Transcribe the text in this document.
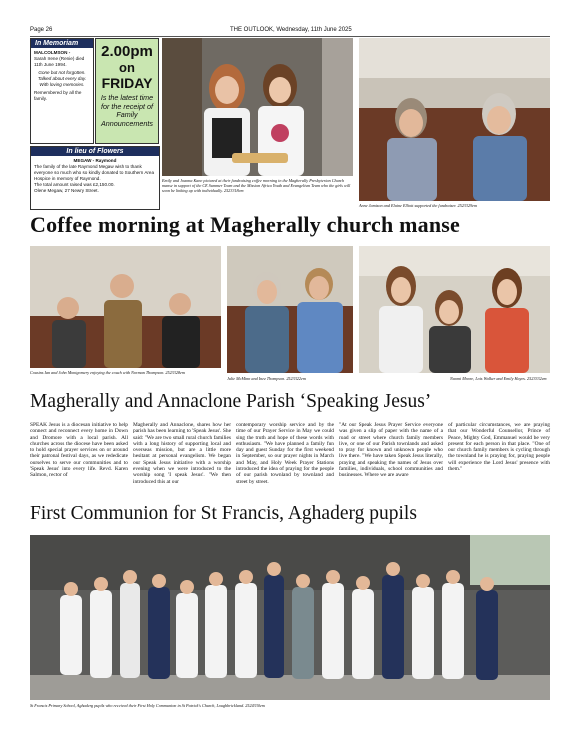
Page 26	THE OUTLOOK, Wednesday, 11th June 2025
In Memoriam
MALCOLMSON -
Sarah Irene (Renie) died 11th June 1994.
Gone but not forgotten. Talked about every day. With loving memories.
Remembered by all the family.
2.00pm
on
FRIDAY
Is the latest time for the receipt of Family Announcements
In lieu of Flowers
MEGAW - Raymond
The family of the late Raymond Megaw wish to thank everyone so much who so kindly donated to Southern Area Hospice in memory of Raymond.
The total amount raised was £2,150.00.
Olene Megaw, 27 Newry Street.
Emily and Joanna Kane pictured at their fundraising coffee morning in the Magherally Presbyterian Church manse in support of the CE Summer Team and the Mission Africa Youth and Evangelism Team who the girls will soon be linking up with individually. 2523318em
Anne Jamison and Elaine Elliott supported the fundraiser. 2523329em
Coffee morning at Magherally church manse
Cousins Ian and John Montgomery enjoying the couch with Norman Thompson. 2523328em
Julie McMinn and Inez Thompson. 2523322em	Naomi Moore, Lois Walker and Emily Hayes. 2523332em
Magherally and Annaclone Parish ‘Speaking Jesus’
SPEAK Jesus is a diocesan initiative to help connect and reconnect every home in Down and Dromore with a local parish. All churches across the diocese have been asked to hold special prayer services on or around their patronal festival days, as we rededicate ourselves to serve our communities and to 'Speak Jesus' into every life. Revd. Karen Salmon, rector of
Magherally and Annaclone, shares how her parish has been learning to 'Speak Jesus'. She said: "We are two small rural church families with a long history of supporting local and overseas mission, but are a little more hesitant at personal evangelism. We began our Speak Jesus initiative with a worship evening when we were introduced to the worship song 'I speak Jesus'. "We then introduced this at our
contemporary worship service and by the time of our Prayer Service in May we could sing the truth and hope of these words with enthusiasm. "We have planned a family fun day and guest Sunday for the first weekend in September, so our prayer nights in March and May, and Holy Week Prayer Stations introduced the idea of praying for the people of our parish townland by townland and street by street.
"At our Speak Jesus Prayer Service everyone was given a slip of paper with the name of a road or street where church family members live, or one of our Parish townlands and asked to pray for known and unknown people who live there. "We have taken Speak Jesus literally, praying and speaking the names of Jesus over families, individuals, school communities and businesses. Where we are aware
of particular circumstances, we are praying that our Wonderful Counsellor, Prince of Peace, Mighty God, Emmanuel would be very present for each person in that place. "One of our church family members is cycling through the townland he is praying for, praying people will experience the Lord Jesus' presence with them."
First Communion for St Francis, Aghaderg pupils
St Francis Primary School, Aghaderg pupils who received their First Holy Communion in St Patrick's Church, Loughbrickland. 2524330em
